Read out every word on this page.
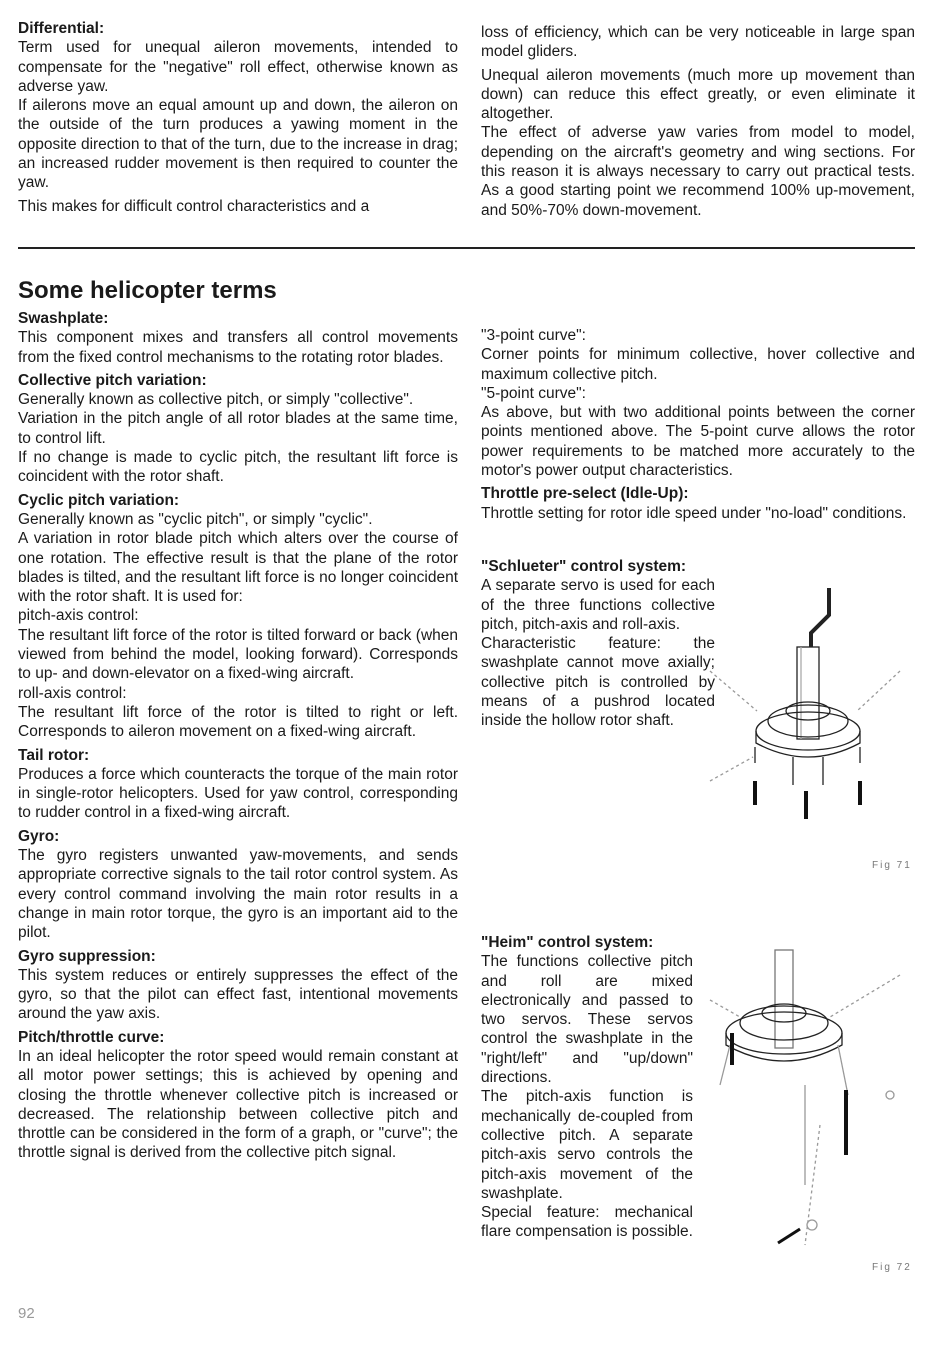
Differential:

Term used for unequal aileron movements, intended to compensate for the "negative" roll effect, otherwise known as adverse yaw.

If ailerons move an equal amount up and down, the aileron on the outside of the turn produces a yawing moment in the opposite direction to that of the turn, due to the increase in drag; an increased rudder movement is then required to counter the yaw.

This makes for difficult control characteristics and a

loss of efficiency, which can be very noticeable in large span model gliders.

Unequal aileron movements (much more up movement than down) can reduce this effect greatly, or even eliminate it altogether.

The effect of adverse yaw varies from model to model, depending on the aircraft's geometry and wing sections. For this reason it is always necessary to carry out practical tests. As a good starting point we recommend 100% up-movement, and 50%-70% down-movement.

Some helicopter terms

Swashplate:

This component mixes and transfers all control movements from the fixed control mechanisms to the rotating rotor blades.

Collective pitch variation:

Generally known as collective pitch, or simply "collective".

Variation in the pitch angle of all rotor blades at the same time, to control lift.

If no change is made to cyclic pitch, the resultant lift force is coincident with the rotor shaft.

Cyclic pitch variation:

Generally known as "cyclic pitch", or simply "cyclic".

A variation in rotor blade pitch which alters over the course of one rotation. The effective result is that the plane of the rotor blades is tilted, and the resultant lift force is no longer coincident with the rotor shaft. It is used for:

pitch-axis control:

The resultant lift force of the rotor is tilted forward or back (when viewed from behind the model, looking forward). Corresponds to up- and down-elevator on a fixed-wing aircraft.

roll-axis control:

The resultant lift force of the rotor is tilted to right or left. Corresponds to aileron movement on a fixed-wing aircraft.

Tail rotor:

Produces a force which counteracts the torque of the main rotor in single-rotor helicopters. Used for yaw control, corresponding to rudder control in a fixed-wing aircraft.

Gyro:

The gyro registers unwanted yaw-movements, and sends appropriate corrective signals to the tail rotor control system. As every control command involving the main rotor results in a change in main rotor torque, the gyro is an important aid to the pilot.

Gyro suppression:

This system reduces or entirely suppresses the effect of the gyro, so that the pilot can effect fast, intentional movements around the yaw axis.

Pitch/throttle curve:

In an ideal helicopter the rotor speed would remain constant at all motor power settings; this is achieved by opening and closing the throttle whenever collective pitch is increased or decreased. The relationship between collective pitch and throttle can be considered in the form of a graph, or "curve"; the throttle signal is derived from the collective pitch signal.

"3-point curve":

Corner points for minimum collective, hover collective and maximum collective pitch.

"5-point curve":

As above, but with two additional points between the corner points mentioned above. The 5-point curve allows the rotor power requirements to be matched more accurately to the motor's power output characteristics.

Throttle pre-select (Idle-Up):

Throttle setting for rotor idle speed under "no-load" conditions.

"Schlueter" control system:

A separate servo is used for each of the three functions collective pitch, pitch-axis and roll-axis.

Characteristic feature: the swashplate cannot move axially; collective pitch is controlled by means of a pushrod located inside the hollow rotor shaft.

Fig 71

"Heim" control system:

The functions collective pitch and roll are mixed electronically and passed to two servos. These servos control the swashplate in the "right/left" and "up/down" directions.

The pitch-axis function is mechanically de-coupled from collective pitch. A separate pitch-axis servo controls the pitch-axis movement of the swashplate.

Special feature: mechanical flare compensation is possible.

Fig 72
92
